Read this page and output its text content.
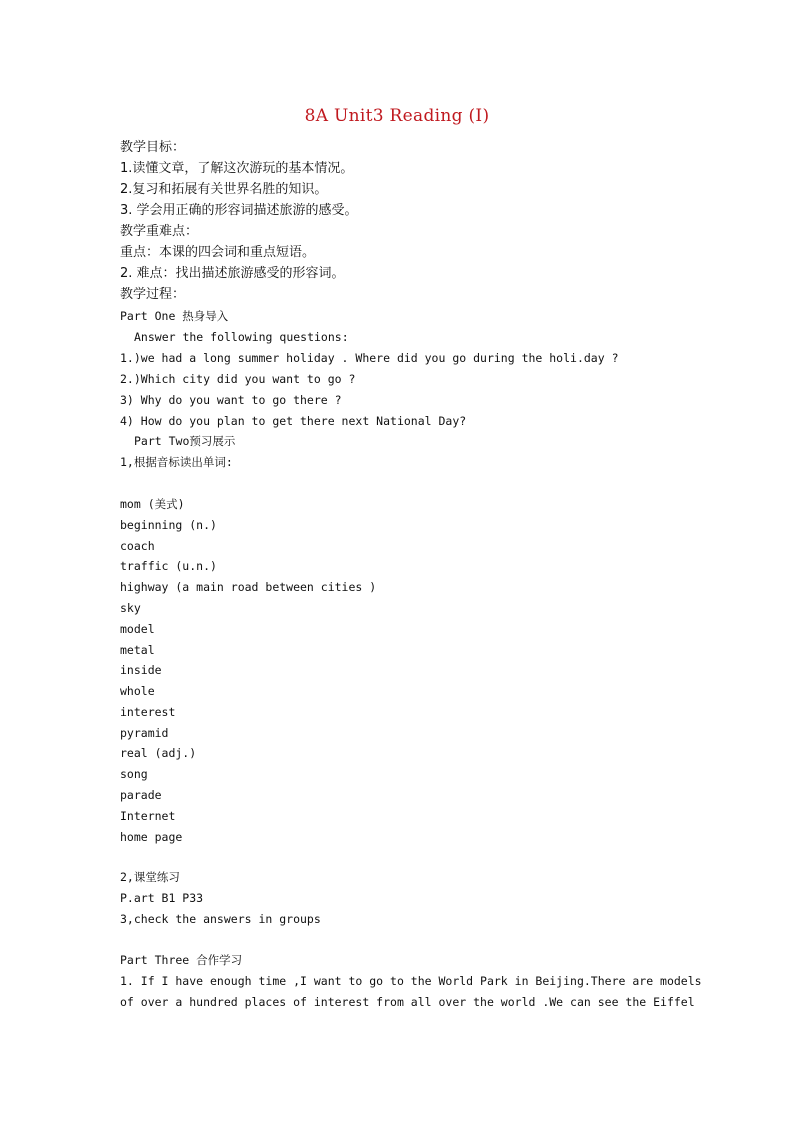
8A Unit3 Reading (I)
教学目标：
1.读懂文章，了解这次游玩的基本情况。
2.复习和拓展有关世界名胜的知识。
3. 学会用正确的形容词描述旅游的感受。
教学重难点：
重点：本课的四会词和重点短语。
2. 难点：找出描述旅游感受的形容词。
教学过程：
Part One 热身导入
Answer the following questions:
1.)we had a long summer holiday . Where did you go during the holi.day ?
2.)Which city did you want to go ?
3) Why do you want to go there ?
4) How do you plan to get there next National Day?
Part Two预习展示
1,根据音标读出单词:
mom (美式)
beginning (n.)
coach
traffic (u.n.)
highway (a main road between cities )
sky
model
metal
inside
whole
interest
pyramid
real (adj.)
song
parade
Internet
home page
2,课堂练习
P.art B1 P33
3,check the answers in groups
Part Three 合作学习
1. If I have enough time ,I want to go to the World Park in Beijing.There are models
of over a hundred places of interest from all over the world .We can see the Eiffel
